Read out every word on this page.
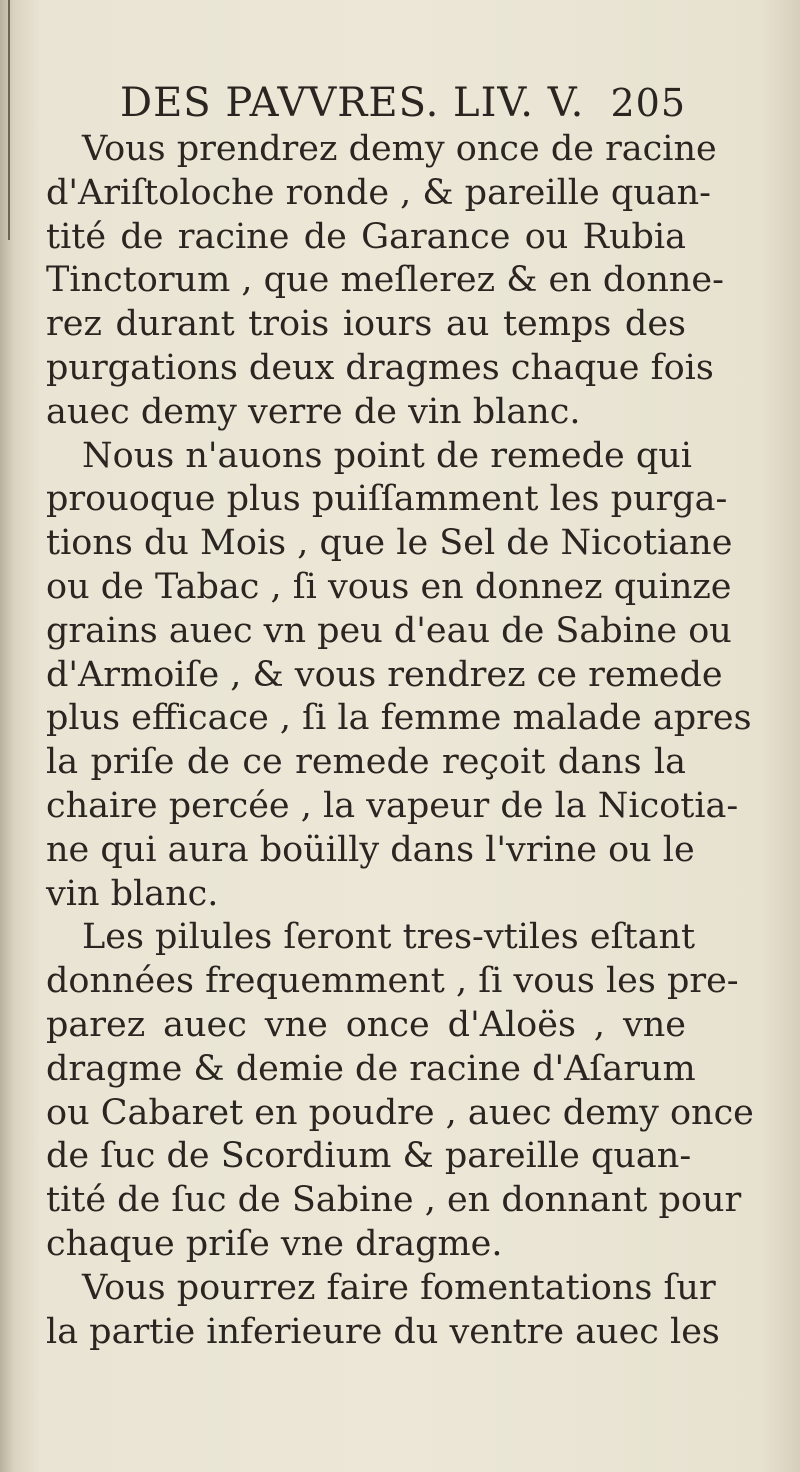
DES PAVVRES. LIV. V. 205
Vous prendrez demy once de racine
d'Ariſtoloche ronde , & pareille quan-
tité de racine de Garance ou Rubia
Tinctorum , que meſlerez & en donne-
rez durant trois iours au temps des
purgations deux dragmes chaque fois
auec demy verre de vin blanc.
Nous n'auons point de remede qui
prouoque plus puiſſamment les purga-
tions du Mois , que le Sel de Nicotiane
ou de Tabac , ſi vous en donnez quinze
grains auec vn peu d'eau de Sabine ou
d'Armoiſe , & vous rendrez ce remede
plus efficace , ſi la femme malade apres
la priſe de ce remede reçoit dans la
chaire percée , la vapeur de la Nicotia-
ne qui aura boüilly dans l'vrine ou le
vin blanc.
Les pilules ſeront tres-vtiles eſtant
données frequemment , ſi vous les pre-
parez auec vne once d'Aloës , vne
dragme & demie de racine d'Aſarum
ou Cabaret en poudre , auec demy once
de ſuc de Scordium & pareille quan-
tité de ſuc de Sabine , en donnant pour
chaque priſe vne dragme.
Vous pourrez faire fomentations ſur
la partie inferieure du ventre auec les
